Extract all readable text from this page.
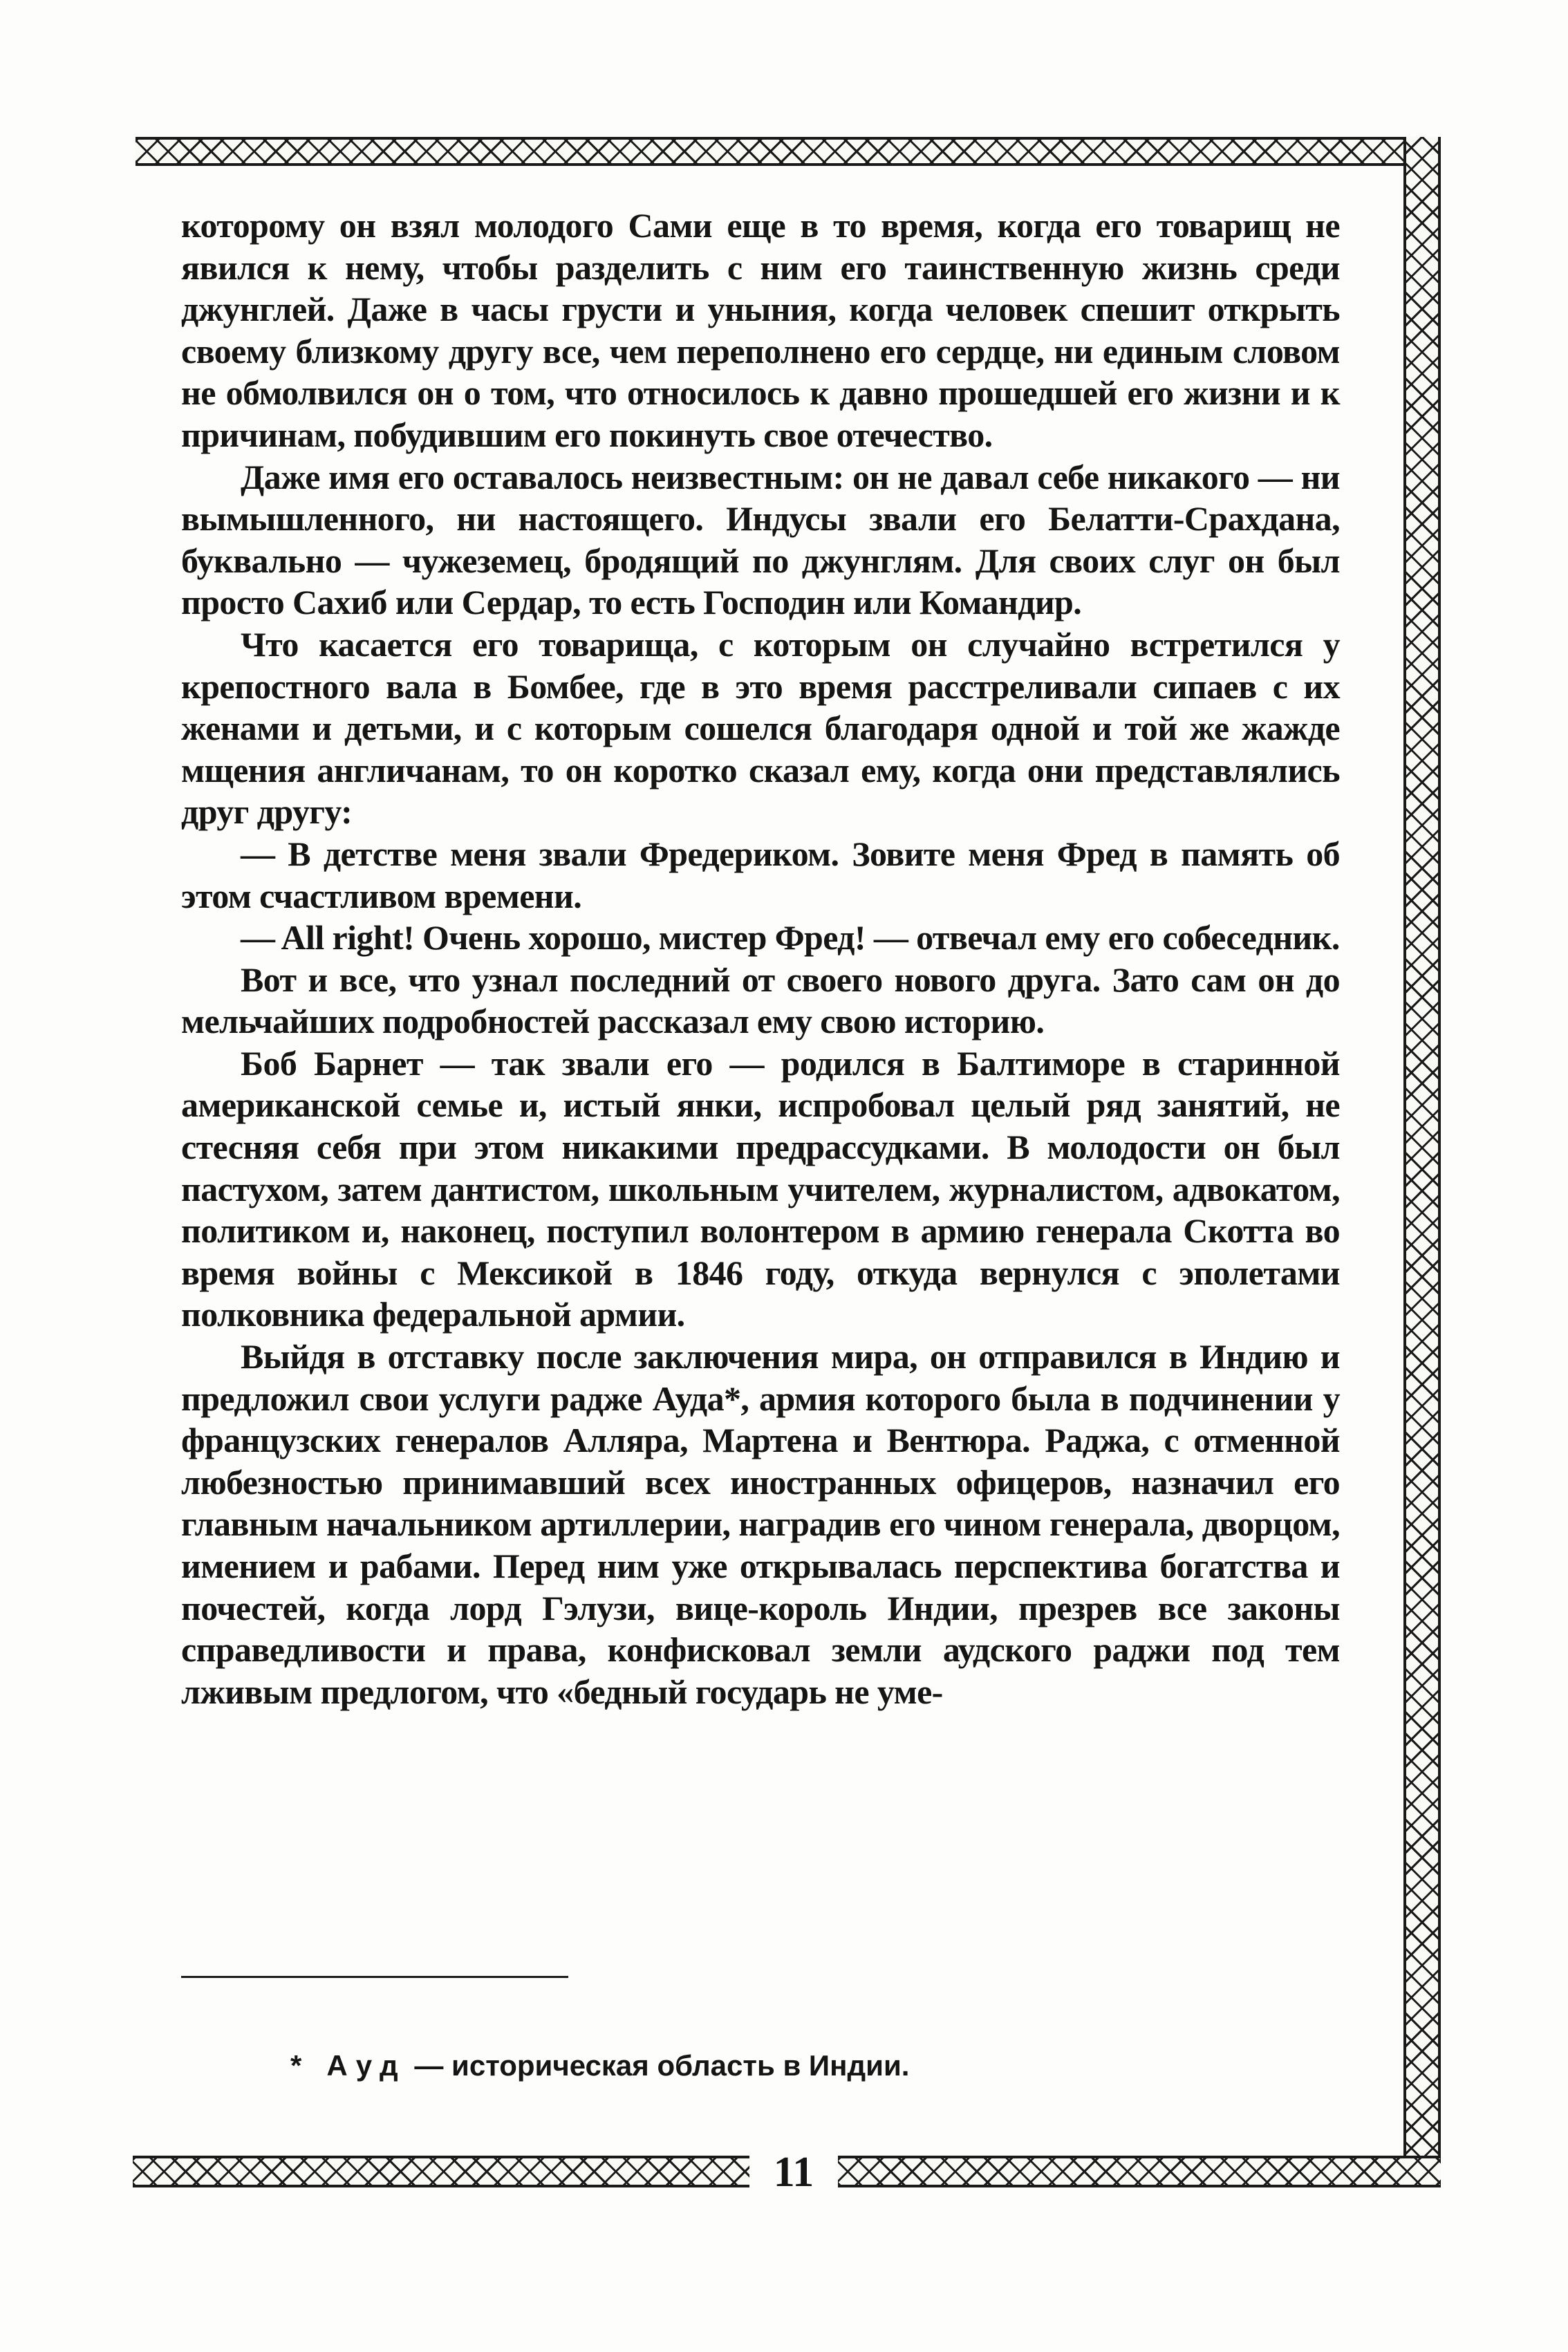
которому он взял молодого Сами еще в то время, когда его товарищ не явился к нему, чтобы разделить с ним его таинственную жизнь среди джунглей. Даже в часы грусти и уныния, когда человек спешит открыть своему близкому другу все, чем переполнено его сердце, ни единым словом не обмолвился он о том, что относилось к давно прошедшей его жизни и к причинам, побудившим его покинуть свое отечество.

Даже имя его оставалось неизвестным: он не давал себе никакого — ни вымышленного, ни настоящего. Индусы звали его Белатти-Срахдана, буквально — чужеземец, бродящий по джунглям. Для своих слуг он был просто Сахиб или Сердар, то есть Господин или Командир.

Что касается его товарища, с которым он случайно встретился у крепостного вала в Бомбее, где в это время расстреливали сипаев с их женами и детьми, и с которым сошелся благодаря одной и той же жажде мщения англичанам, то он коротко сказал ему, когда они представлялись друг другу:

— В детстве меня звали Фредериком. Зовите меня Фред в память об этом счастливом времени.

— All right! Очень хорошо, мистер Фред! — отвечал ему его собеседник.

Вот и все, что узнал последний от своего нового друга. Зато сам он до мельчайших подробностей рассказал ему свою историю.

Боб Барнет — так звали его — родился в Балтиморе в старинной американской семье и, истый янки, испробовал целый ряд занятий, не стесняя себя при этом никакими предрассудками. В молодости он был пастухом, затем дантистом, школьным учителем, журналистом, адвокатом, политиком и, наконец, поступил волонтером в армию генерала Скотта во время войны с Мексикой в 1846 году, откуда вернулся с эполетами полковника федеральной армии.

Выйдя в отставку после заключения мира, он отправился в Индию и предложил свои услуги радже Ауда*, армия которого была в подчинении у французских генералов Алляра, Мартена и Вентюра. Раджа, с отменной любезностью принимавший всех иностранных офицеров, назначил его главным начальником артиллерии, наградив его чином генерала, дворцом, имением и рабами. Перед ним уже открывалась перспектива богатства и почестей, когда лорд Гэлузи, вице-король Индии, презрев все законы справедливости и права, конфисковал земли аудского раджи под тем лживым предлогом, что «бедный государь не уме-

* Ауд — историческая область в Индии.
11
